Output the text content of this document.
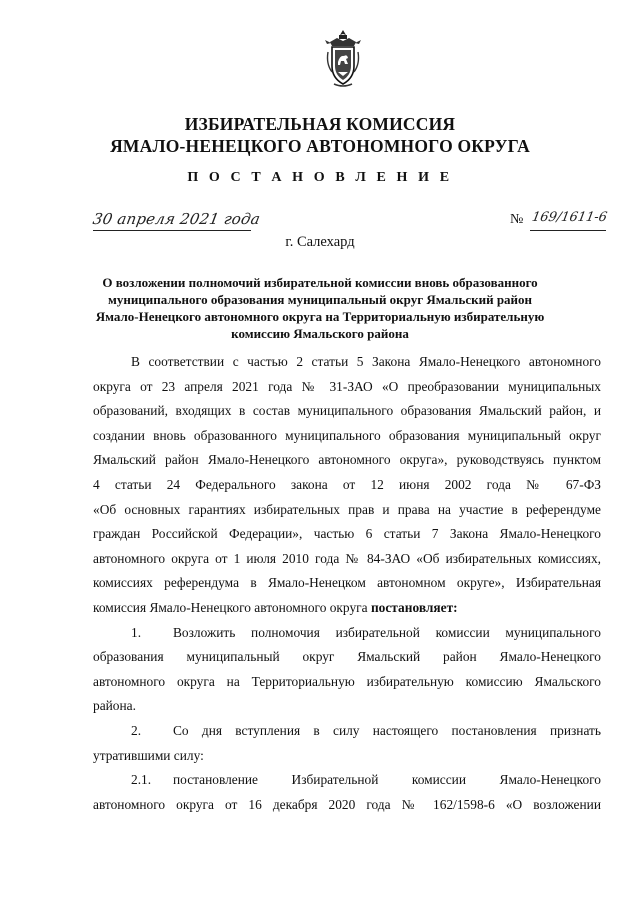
ИЗБИРАТЕЛЬНАЯ КОМИССИЯ
ЯМАЛО-НЕНЕЦКОГО АВТОНОМНОГО ОКРУГА
П О С Т А Н О В Л Е Н И Е
30 апреля 2021 года	№ 169/1611-6
г. Салехард
О возложении полномочий избирательной комиссии вновь образованного
муниципального образования муниципальный округ Ямальский район
Ямало-Ненецкого автономного округа на Территориальную избирательную
комиссию Ямальского района
В соответствии с частью 2 статьи 5 Закона Ямало-Ненецкого автономного
округа от 23 апреля 2021 года № 31-ЗАО «О преобразовании муниципальных
образований, входящих в состав муниципального образования Ямальский район, и
создании вновь образованного муниципального образования муниципальный округ
Ямальский район Ямало-Ненецкого автономного округа», руководствуясь пунктом
4 статьи 24 Федерального закона от 12 июня 2002 года № 67-ФЗ
«Об основных гарантиях избирательных прав и права на участие в референдуме
граждан Российской Федерации», частью 6 статьи 7 Закона Ямало-Ненецкого
автономного округа от 1 июля 2010 года № 84-ЗАО «Об избирательных комиссиях,
комиссиях референдума в Ямало-Ненецком автономном округе», Избирательная
комиссия Ямало-Ненецкого автономного округа постановляет:
1.	Возложить полномочия избирательной комиссии муниципального
образования муниципальный округ Ямальский район Ямало-Ненецкого
автономного округа на Территориальную избирательную комиссию Ямальского
района.
2.	Со дня вступления в силу настоящего постановления признать
утратившими силу:
2.1.	постановление Избирательной комиссии Ямало-Ненецкого
автономного округа от 16 декабря 2020 года № 162/1598-6 «О возложении
